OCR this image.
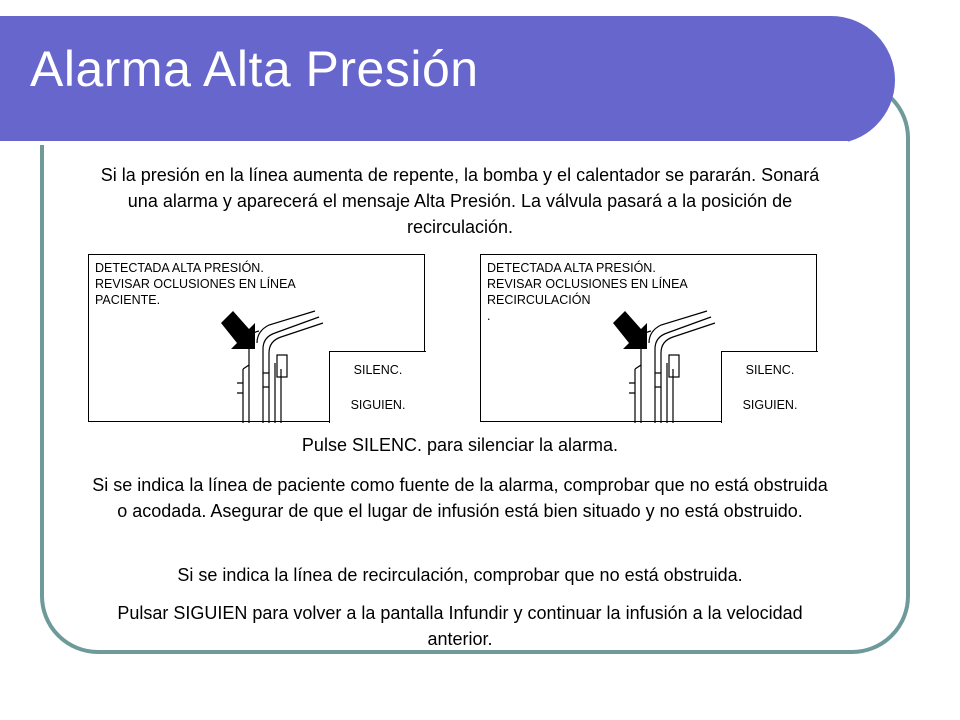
Alarma Alta Presión

Si la presión en la línea aumenta de repente, la bomba y el calentador se pararán. Sonará una alarma y aparecerá el mensaje Alta Presión. La válvula pasará a la posición de recirculación.

DETECTADA ALTA PRESIÓN.
REVISAR OCLUSIONES EN LÍNEA
PACIENTE.

SILENC.
SIGUIEN.

DETECTADA ALTA PRESIÓN.
REVISAR OCLUSIONES EN LÍNEA
RECIRCULACIÓN
.

SILENC.
SIGUIEN.

Pulse SILENC. para silenciar la alarma.

Si se indica la línea de paciente como fuente de la alarma, comprobar que no está obstruida o acodada. Asegurar de que el lugar de infusión está bien situado y no está obstruido.

Si se indica la línea de recirculación, comprobar que no está obstruida.

Pulsar SIGUIEN para volver a la pantalla Infundir y continuar la infusión a la velocidad anterior.
